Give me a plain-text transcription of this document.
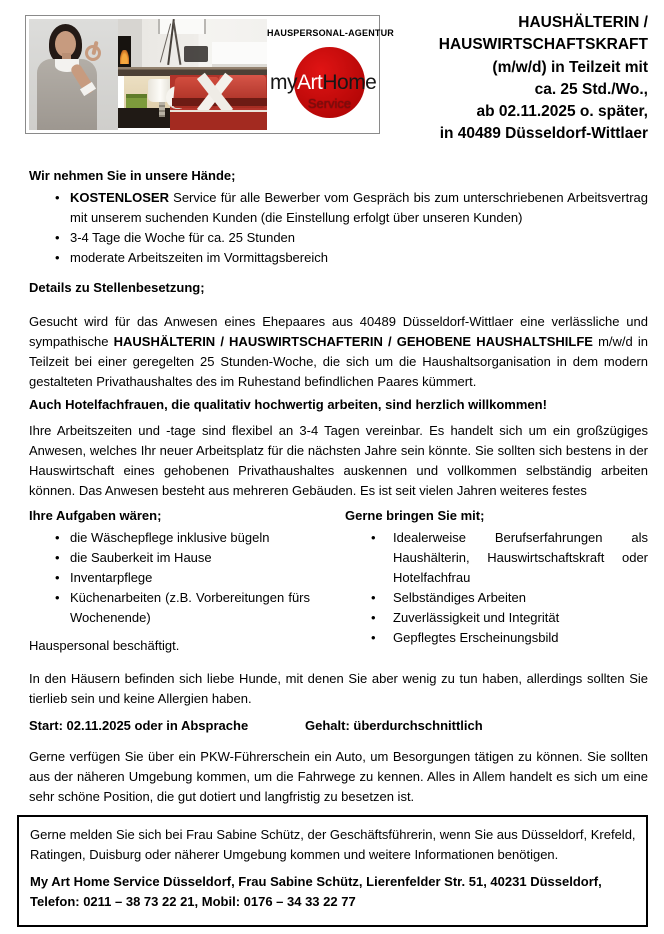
HAUSPERSONAL-AGENTUR
myArtHome
Service
HAUSHÄLTERIN /
HAUSWIRTSCHAFTSKRAFT
(m/w/d) in Teilzeit mit
ca. 25 Std./Wo.,
ab 02.11.2025 o. später,
in 40489 Düsseldorf-Wittlaer

Wir nehmen Sie in unsere Hände;

• KOSTENLOSER Service für alle Bewerber vom Gespräch bis zum unterschriebenen Arbeitsvertrag mit unserem suchenden Kunden (die Einstellung erfolgt über unseren Kunden)
• 3-4 Tage die Woche für ca. 25 Stunden
• moderate Arbeitszeiten im Vormittagsbereich

Details zu Stellenbesetzung;

Gesucht wird für das Anwesen eines Ehepaares aus 40489 Düsseldorf-Wittlaer eine verlässliche und sympathische HAUSHÄLTERIN / HAUSWIRTSCHAFTERIN / GEHOBENE HAUSHALTSHILFE m/w/d in Teilzeit bei einer geregelten 25 Stunden-Woche, die sich um die Haushaltsorganisation in dem modern gestalteten Privathaushaltes des im Ruhestand befindlichen Paares kümmert.

Auch Hotelfachfrauen, die qualitativ hochwertig arbeiten, sind herzlich willkommen!

Ihre Arbeitszeiten und -tage sind flexibel an 3-4 Tagen vereinbar. Es handelt sich um ein großzügiges Anwesen, welches Ihr neuer Arbeitsplatz für die nächsten Jahre sein könnte. Sie sollten sich bestens in der Hauswirtschaft eines gehobenen Privathaushaltes auskennen und vollkommen selbständig arbeiten können. Das Anwesen besteht aus mehreren Gebäuden. Es ist seit vielen Jahren weiteres festes

Ihre Aufgaben wären;

• die Wäschepflege inklusive bügeln
• die Sauberkeit im Hause
• Inventarpflege
• Küchenarbeiten (z.B. Vorbereitungen fürs Wochenende)

Hauspersonal beschäftigt.

Gerne bringen Sie mit;

• Idealerweise Berufserfahrungen als Haushälterin, Hauswirtschaftskraft oder Hotelfachfrau
• Selbständiges Arbeiten
• Zuverlässigkeit und Integrität
• Gepflegtes Erscheinungsbild

In den Häusern befinden sich liebe Hunde, mit denen Sie aber wenig zu tun haben, allerdings sollten Sie tierlieb sein und keine Allergien haben.

Start: 02.11.2025 oder in Absprache	Gehalt: überdurchschnittlich

Gerne verfügen Sie über ein PKW-Führerschein ein Auto, um Besorgungen tätigen zu können. Sie sollten aus der näheren Umgebung kommen, um die Fahrwege zu kennen. Alles in Allem handelt es sich um eine sehr schöne Position, die gut dotiert und langfristig zu besetzen ist.

Gerne melden Sie sich bei Frau Sabine Schütz, der Geschäftsführerin, wenn Sie aus Düsseldorf, Krefeld, Ratingen, Duisburg oder näherer Umgebung kommen und weitere Informationen benötigen.

My Art Home Service Düsseldorf, Frau Sabine Schütz, Lierenfelder Str. 51, 40231 Düsseldorf, Telefon: 0211 – 38 73 22 21, Mobil: 0176 – 34 33 22 77
